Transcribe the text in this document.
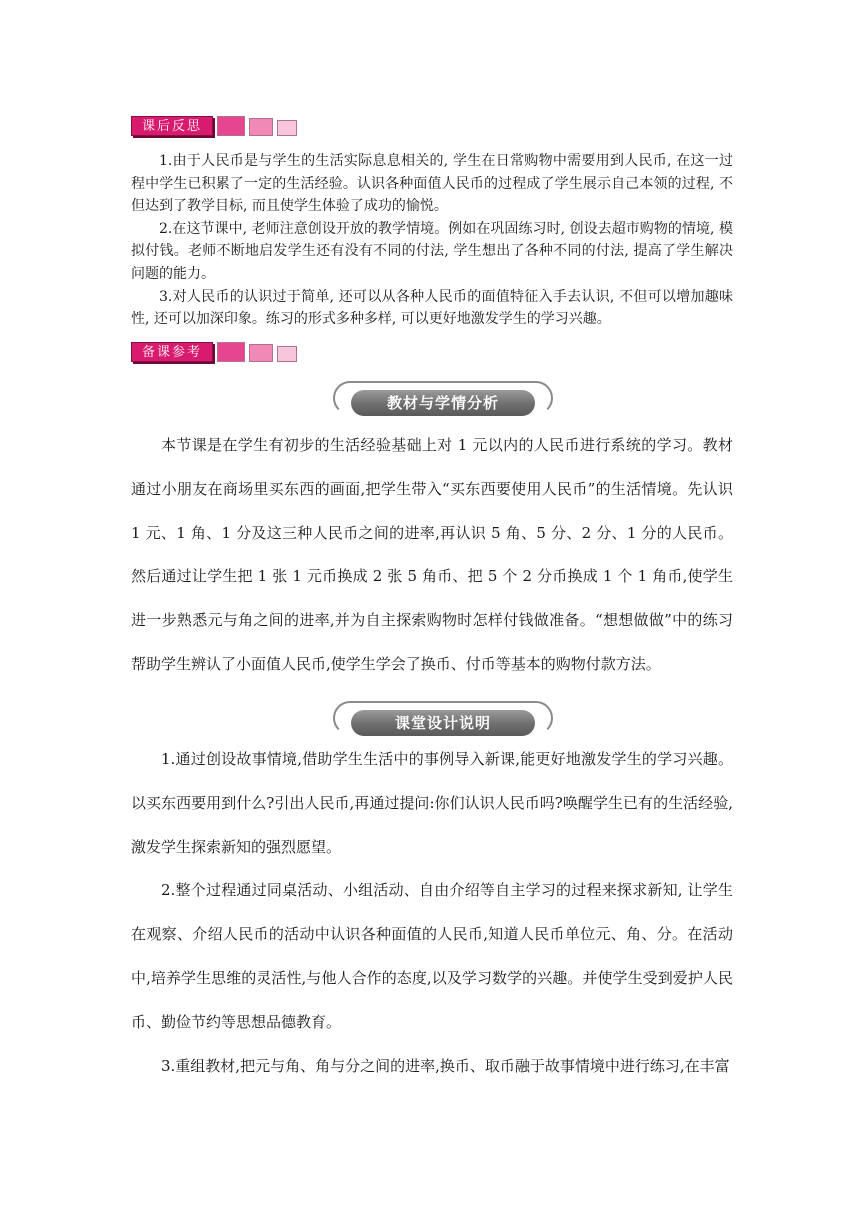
课后反思

1.由于人民币是与学生的生活实际息息相关的, 学生在日常购物中需要用到人民币, 在这一过程中学生已积累了一定的生活经验。认识各种面值人民币的过程成了学生展示自己本领的过程, 不但达到了教学目标, 而且使学生体验了成功的愉悦。

2.在这节课中, 老师注意创设开放的教学情境。例如在巩固练习时, 创设去超市购物的情境, 模拟付钱。老师不断地启发学生还有没有不同的付法, 学生想出了各种不同的付法, 提高了学生解决问题的能力。

3.对人民币的认识过于简单, 还可以从各种人民币的面值特征入手去认识, 不但可以增加趣味性, 还可以加深印象。练习的形式多种多样, 可以更好地激发学生的学习兴趣。

备课参考
教材与学情分析

本节课是在学生有初步的生活经验基础上对 1 元以内的人民币进行系统的学习。教材通过小朋友在商场里买东西的画面,把学生带入“买东西要使用人民币”的生活情境。先认识 1 元、1 角、1 分及这三种人民币之间的进率,再认识 5 角、5 分、2 分、1 分的人民币。然后通过让学生把 1 张 1 元币换成 2 张 5 角币、把 5 个 2 分币换成 1 个 1 角币,使学生进一步熟悉元与角之间的进率,并为自主探索购物时怎样付钱做准备。“想想做做”中的练习帮助学生辨认了小面值人民币,使学生学会了换币、付币等基本的购物付款方法。

课堂设计说明

1.通过创设故事情境,借助学生生活中的事例导入新课,能更好地激发学生的学习兴趣。以买东西要用到什么?引出人民币,再通过提问:你们认识人民币吗?唤醒学生已有的生活经验,激发学生探索新知的强烈愿望。

2.整个过程通过同桌活动、小组活动、自由介绍等自主学习的过程来探求新知, 让学生在观察、介绍人民币的活动中认识各种面值的人民币,知道人民币单位元、角、分。在活动中,培养学生思维的灵活性,与他人合作的态度,以及学习数学的兴趣。并使学生受到爱护人民币、勤俭节约等思想品德教育。

3.重组教材,把元与角、角与分之间的进率,换币、取币融于故事情境中进行练习,在丰富
